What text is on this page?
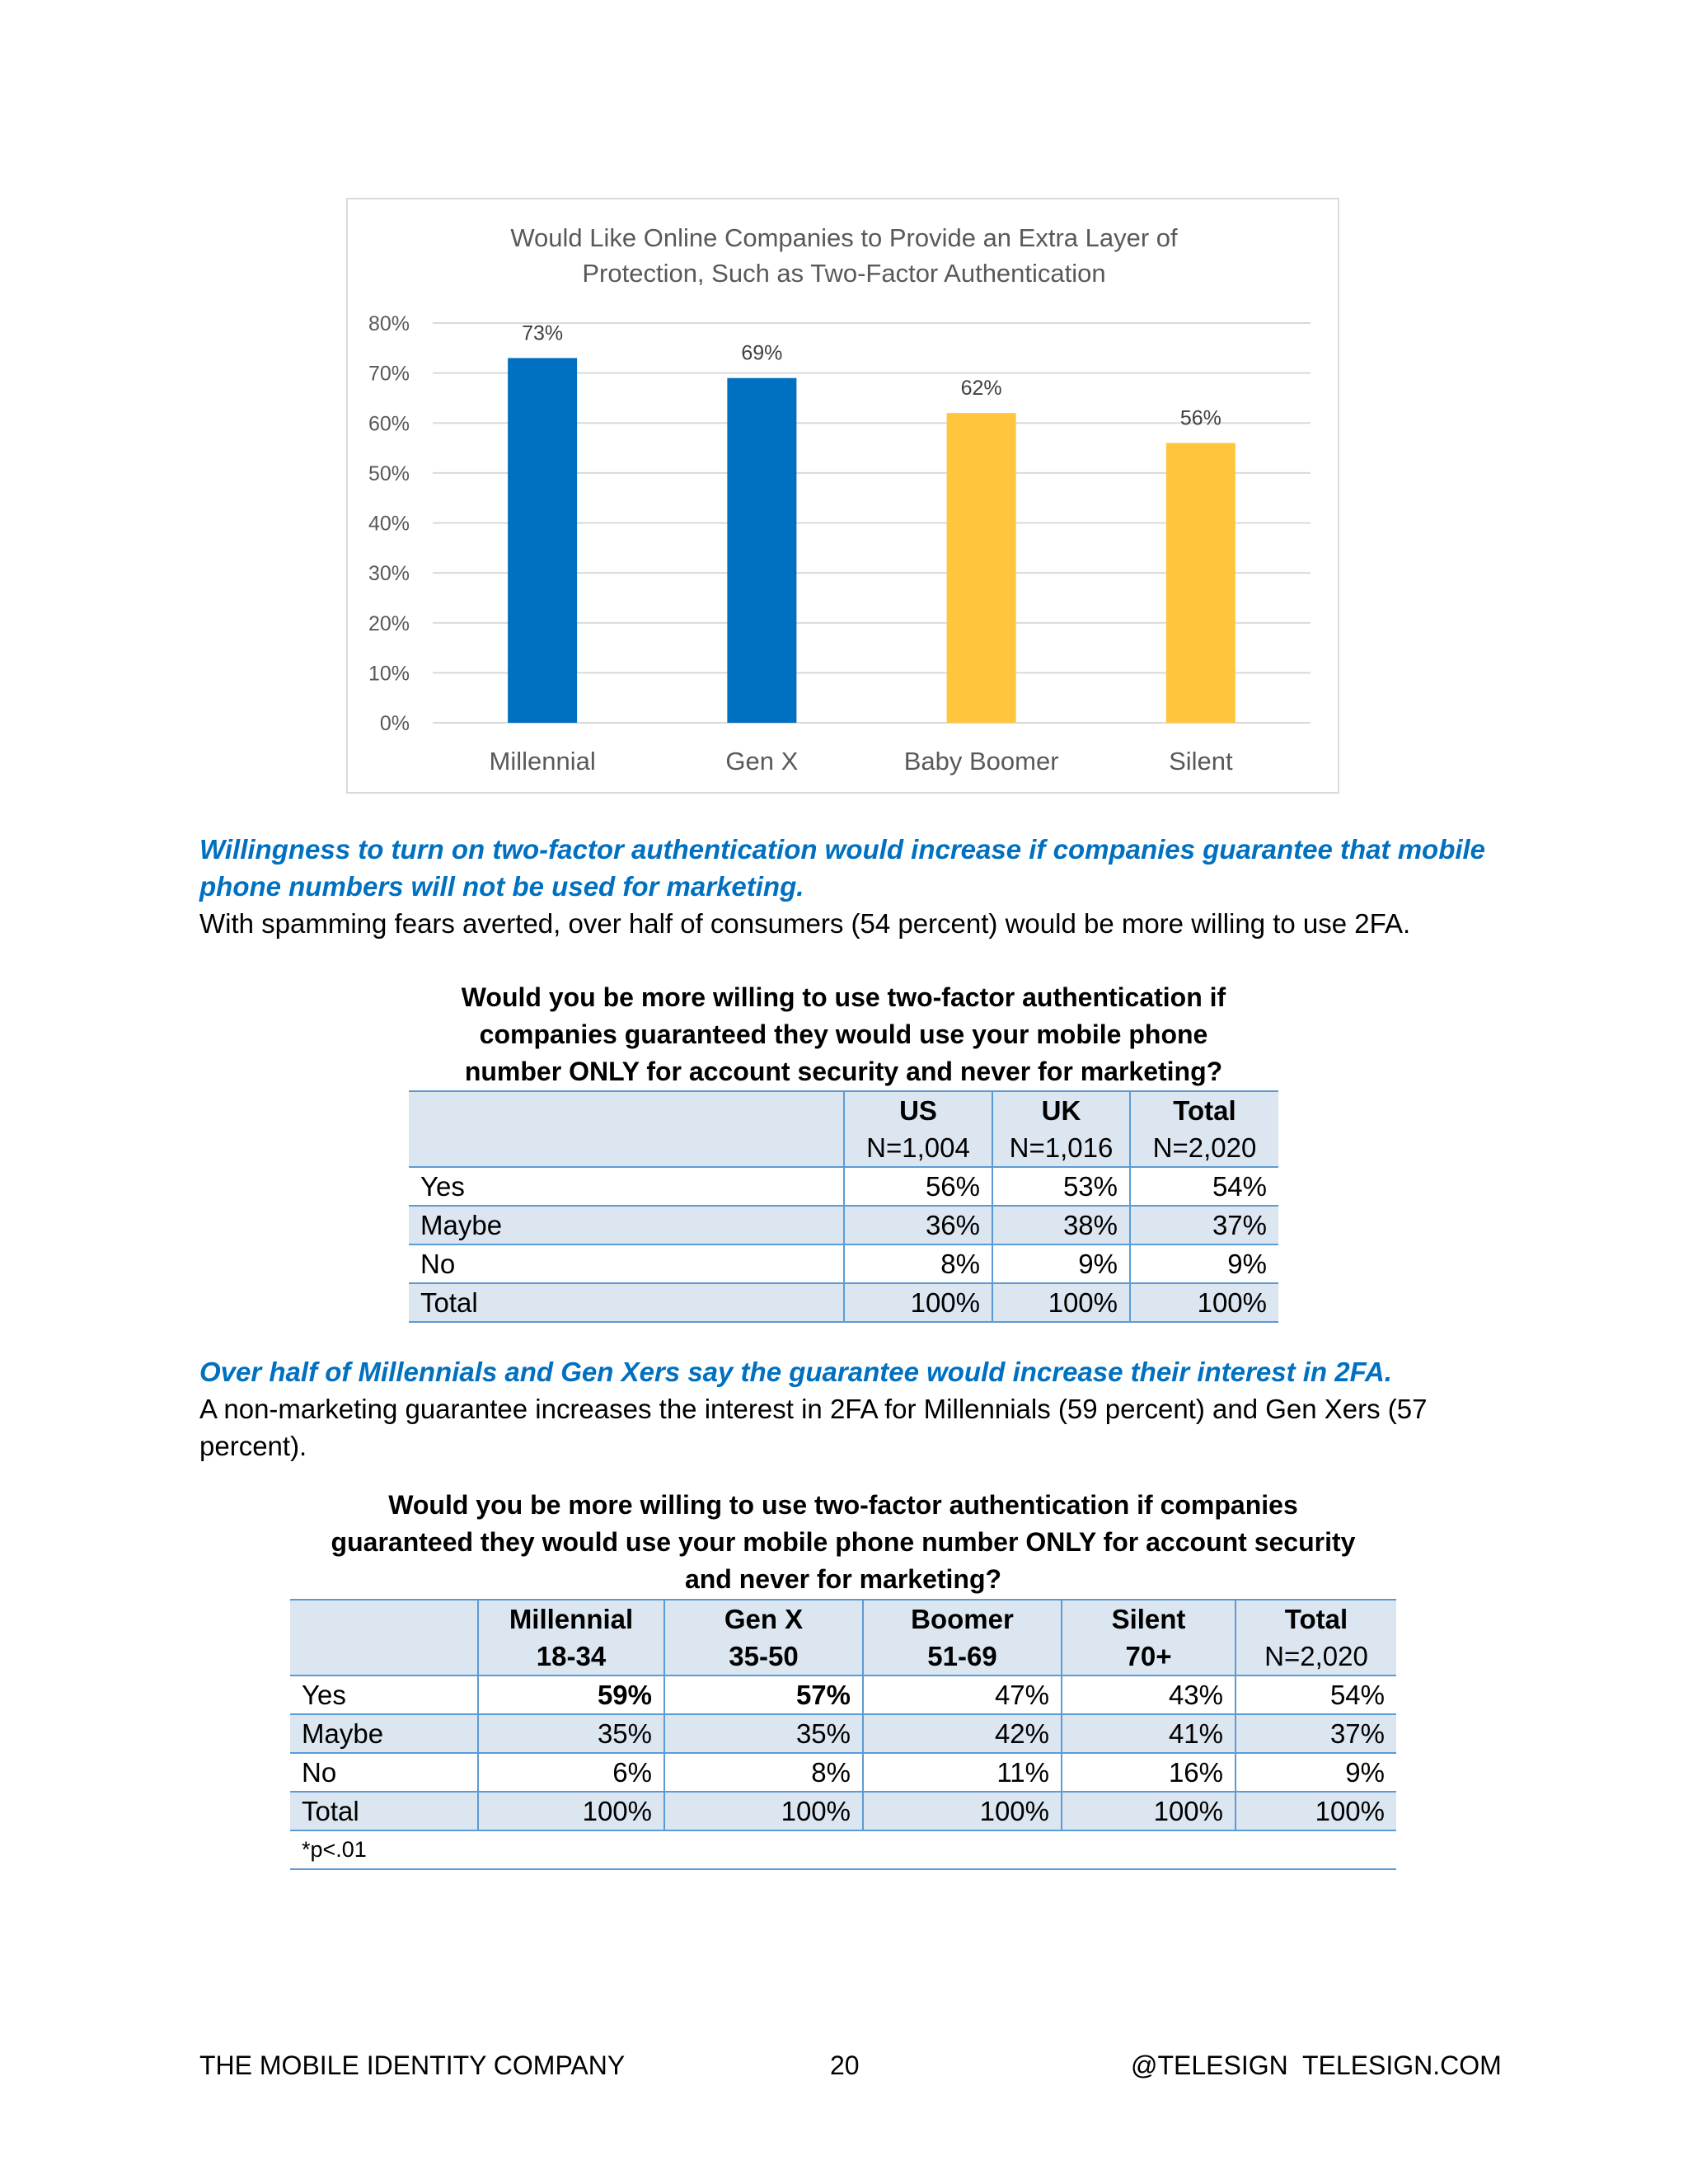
Would Like Online Companies to Provide an Extra Layer of
Protection, Such as Two-Factor Authentication
0%
10%
20%
30%
40%
50%
60%
70%
80%	73%
Millennial
69%
Gen X
62%
Baby Boomer
56%
Silent
Willingness to turn on two-factor authentication would increase if companies guarantee that mobile
phone numbers will not be used for marketing.
With spamming fears averted, over half of consumers (54 percent) would be more willing to use 2FA.
Would you be more willing to use two-factor authentication if
companies guaranteed they would use your mobile phone
number ONLY for account security and never for marketing?
	US	UK	Total
	N=1,004	N=1,016	N=2,020
Yes	56%	53%	54%
Maybe	36%	38%	37%
No	8%	9%	9%
Total	100%	100%	100%
Over half of Millennials and Gen Xers say the guarantee would increase their interest in 2FA.
A non-marketing guarantee increases the interest in 2FA for Millennials (59 percent) and Gen Xers (57
percent).
Would you be more willing to use two-factor authentication if companies
guaranteed they would use your mobile phone number ONLY for account security
and never for marketing?
	Millennial	Gen X	Boomer	Silent	Total
	18-34	35-50	51-69	70+	N=2,020
Yes	59%	57%	47%	43%	54%
Maybe	35%	35%	42%	41%	37%
No	6%	8%	11%	16%	9%
Total	100%	100%	100%	100%	100%
*p<.01					
THE MOBILE IDENTITY COMPANY	20	@TELESIGN TELESIGN.COM
